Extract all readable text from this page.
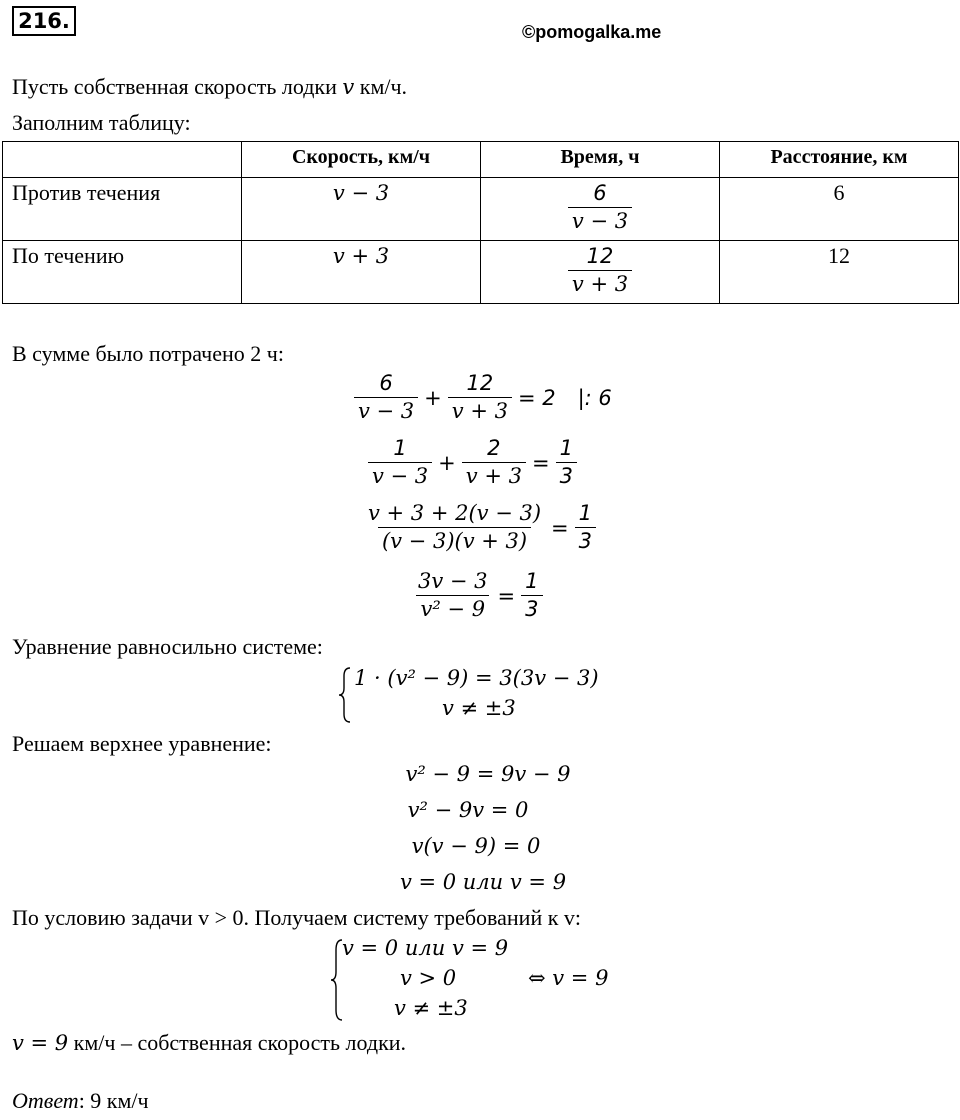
216.	©pomogalka.me
Пусть собственная скорость лодки v км/ч.
Заполним таблицу:
	Скорость, км/ч	Время, ч	Расстояние, км
Против течения	v − 3	$\frac{6}{v - 3}$	6
По течению	v + 3	$\frac{12}{v + 3}$	12
В сумме было потрачено 2 ч:
$\frac{6}{v - 3} + \frac{12}{v + 3} = 2$ |: 6
$\frac{1}{v - 3} + \frac{2}{v + 3} = \frac{1}{3}$
$\frac{v + 3 + 2(v - 3)}{(v - 3)(v + 3)} = \frac{1}{3}$
$\frac{3v - 3}{\text{v² − 9}} = \frac{1}{3}$
Уравнение равносильно системе:
1 · (v² − 9) = 3(3v − 3)
v ≠ ±3
Решаем верхнее уравнение:
v² − 9 = 9v − 9
v² − 9v = 0
v(v − 9) = 0
v = 0 или v = 9
По условию задачи v > 0. Получаем систему требований к v:
v = 0 или v = 9
v > 0
v ≠ ±3
⇔ v = 9
v = 9 км/ч – собственная скорость лодки.
Ответ: 9 км/ч
